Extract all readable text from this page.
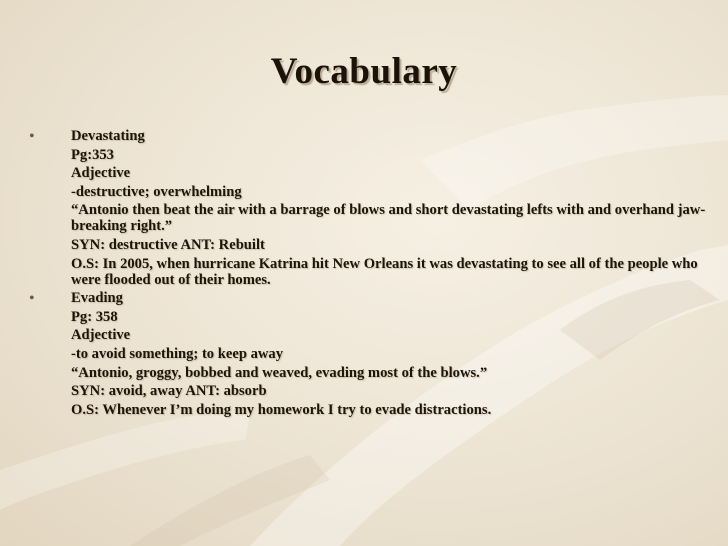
Vocabulary
• Devastating
Pg:353
Adjective
-destructive; overwhelming
“Antonio then beat the air with a barrage of blows and short devastating lefts with and overhand jaw-breaking right.”
SYN: destructive ANT: Rebuilt
O.S: In 2005, when hurricane Katrina hit New Orleans it was devastating to see all of the people who were flooded out of their homes.
• Evading
Pg: 358
Adjective
-to avoid something; to keep away
“Antonio, groggy, bobbed and weaved, evading most of the blows.”
SYN: avoid, away ANT: absorb
O.S: Whenever I’m doing my homework I try to evade distractions.
